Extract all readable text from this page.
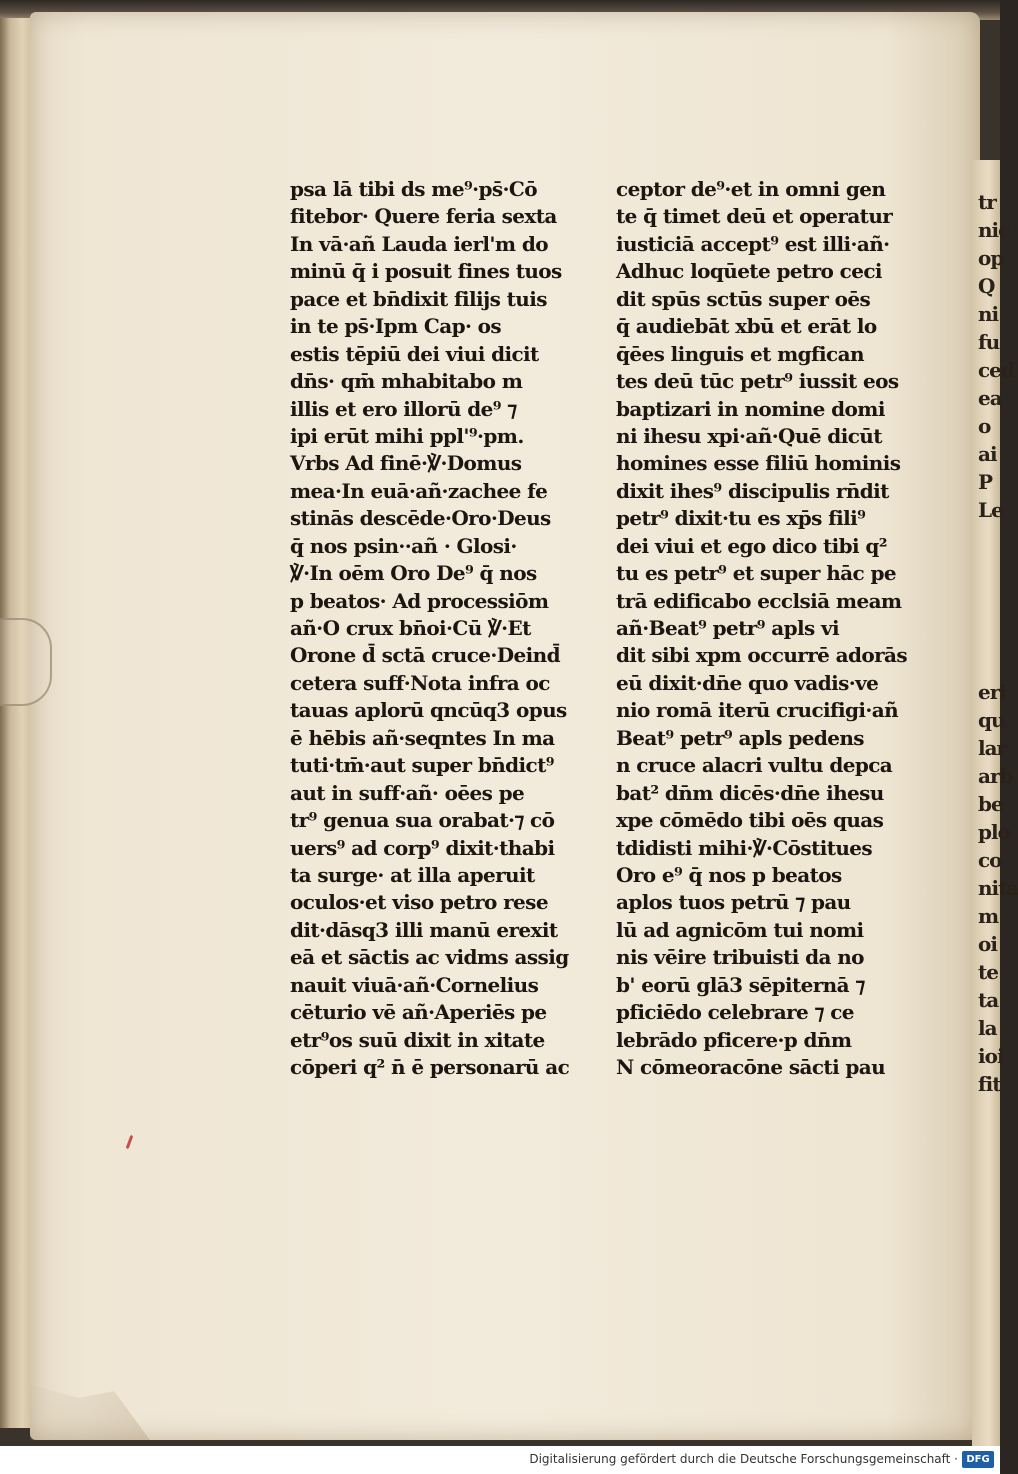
psa lā tibi ds me⁹·ps̄·Cō
fitebor· Quere feria sexta
In vā·añ Lauda ierl'm do
minū q̄ i posuit fines tuos
pace et bn̄dixit filijs tuis
in te ps̄·Ipm Cap· os
estis tēpiū dei viui dicit
dn̄s· qm̄ mhabitabo m
illis et ero illorū de⁹ ⁊
ipi erūt mihi ppl'⁹·pm.
Vrbs Ad finē·℣·Domus
mea·In euā·añ·zachee fe
stinās descēde·Oro·Deus
q̄ nos psin··añ · Glosi·
℣·In oēm Oro De⁹ q̄ nos
p beatos· Ad processiōm
añ·O crux bn̄oi·Cū ℣·Et
Orone d̄ sctā cruce·Deind̄
cetera suff·Nota infra oc
tauas aplorū qncūq3 opus
ē hēbis añ·seqntes In ma
tuti·tm̄·aut super bn̄dict⁹
aut in suff·añ· oēes pe
tr⁹ genua sua orabat·⁊ cō
uers⁹ ad corp⁹ dixit·thabi
ta surge· at illa aperuit
oculos·et viso petro rese
dit·dāsq3 illi manū erexit
eā et sāctis ac vidms assig
nauit viuā·añ·Cornelius
cēturio vē añ·Aperiēs pe
etr⁹os suū dixit in xitate
cōperi q² n̄ ē personarū ac
ceptor de⁹·et in omni gen
te q̄ timet deū et operatur
iusticiā accept⁹ est illi·añ·
Adhuc loqūete petro ceci
dit spūs sctūs super oēs
q̄ audiebāt xbū et erāt lo
q̄ēes linguis et mgfican
tes deū tūc petr⁹ iussit eos
baptizari in nomine domi
ni ihesu xpi·añ·Quē dicūt
homines esse filiū hominis
dixit ihes⁹ discipulis rn̄dit
petr⁹ dixit·tu es xp̄s fili⁹
dei viui et ego dico tibi q²
tu es petr⁹ et super hāc pe
trā edificabo ecclsiā meam
añ·Beat⁹ petr⁹ apls vi
dit sibi xpm occurrē adorās
eū dixit·dn̄e quo vadis·ve
nio romā iterū crucifigi·añ
Beat⁹ petr⁹ apls pedens
n cruce alacri vultu depca
bat² dn̄m dicēs·dn̄e ihesu
xpe cōmēdo tibi oēs quas
tdidisti mihi·℣·Cōstitues
Oro e⁹ q̄ nos p beatos
aplos tuos petrū ⁊ pau
lū ad agnicōm tui nomi
nis vēire tribuisti da no
b' eorū glā3 sēpiternā ⁊
pficiēdo celebrare ⁊ ce
lebrādo pficere·p dn̄m
N cōmeoracōne sācti pau
tr
nic
op
Q
ni
fu
ced
ea
o
ai
P
Le
eri
qu
lar
arb
be
plo
co
nita
m
oi
te
ta
la
ioi
fit
Digitalisierung gefördert durch die Deutsche Forschungsgemeinschaft · DFG
